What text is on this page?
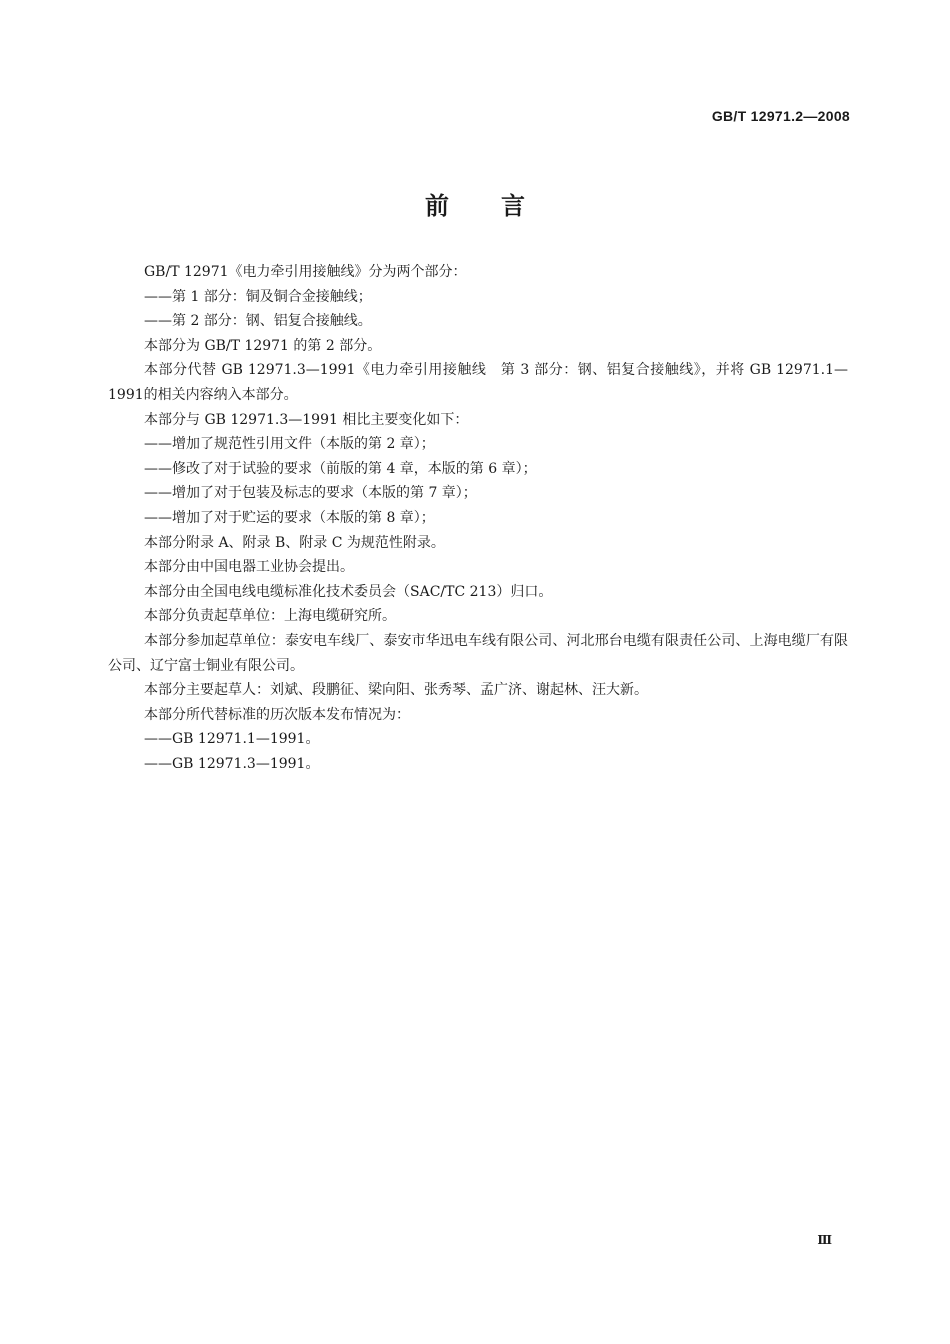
GB/T 12971.2—2008
前言

GB/T 12971《电力牵引用接触线》分为两个部分：

——第 1 部分：铜及铜合金接触线；

——第 2 部分：钢、铝复合接触线。

本部分为 GB/T 12971 的第 2 部分。

本部分代替 GB 12971.3—1991《电力牵引用接触线　第 3 部分：钢、铝复合接触线》，并将 GB 12971.1—1991的相关内容纳入本部分。

本部分与 GB 12971.3—1991 相比主要变化如下：

——增加了规范性引用文件（本版的第 2 章）；

——修改了对于试验的要求（前版的第 4 章，本版的第 6 章）；

——增加了对于包装及标志的要求（本版的第 7 章）；

——增加了对于贮运的要求（本版的第 8 章）；

本部分附录 A、附录 B、附录 C 为规范性附录。

本部分由中国电器工业协会提出。

本部分由全国电线电缆标准化技术委员会（SAC/TC 213）归口。

本部分负责起草单位：上海电缆研究所。

本部分参加起草单位：泰安电车线厂、泰安市华迅电车线有限公司、河北邢台电缆有限责任公司、上海电缆厂有限公司、辽宁富士铜业有限公司。

本部分主要起草人：刘斌、段鹏征、梁向阳、张秀琴、孟广济、谢起林、汪大新。

本部分所代替标准的历次版本发布情况为：

——GB 12971.1—1991。

——GB 12971.3—1991。

Ⅲ
